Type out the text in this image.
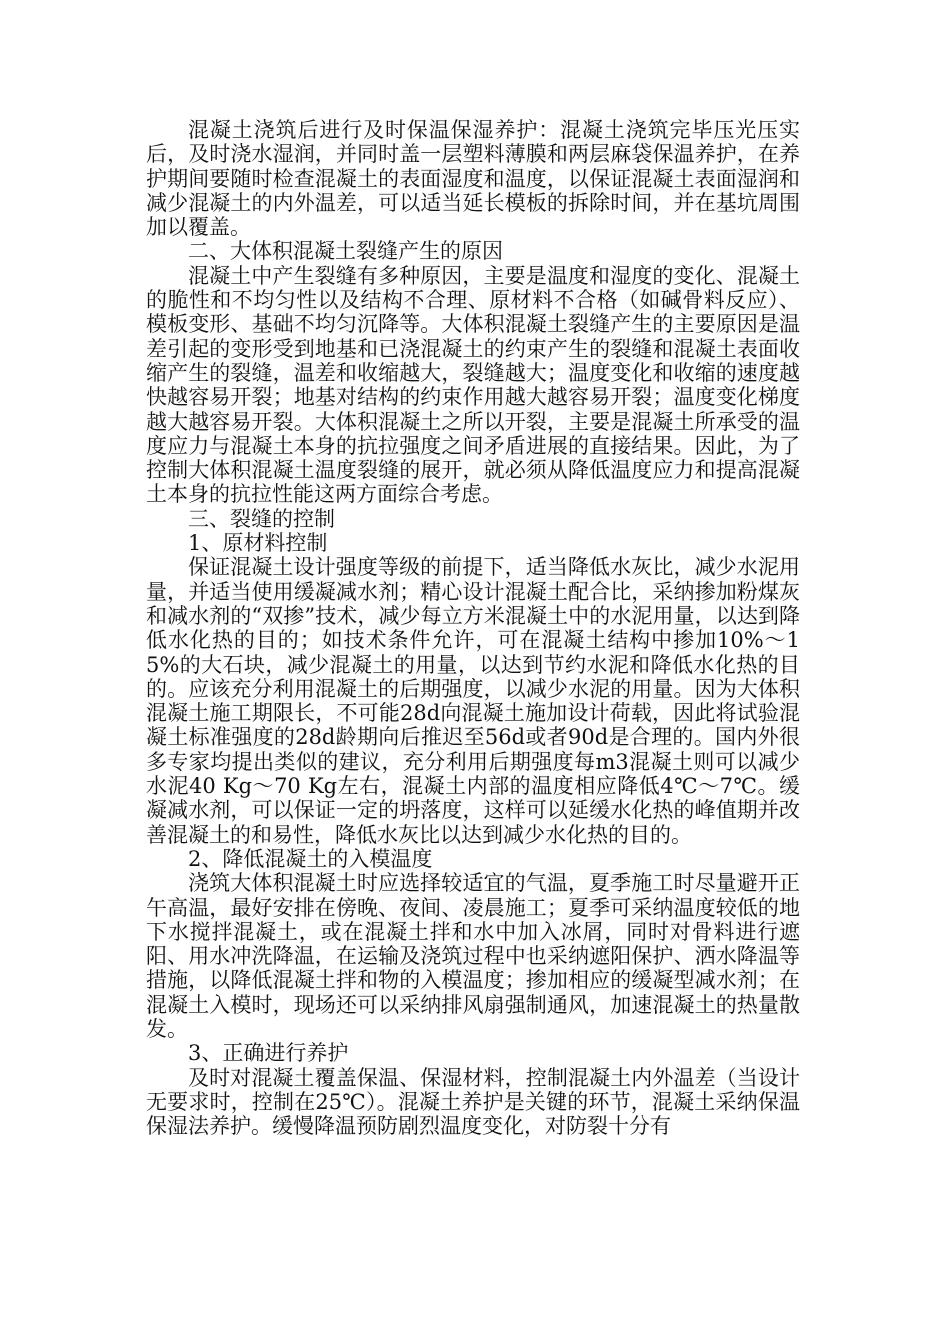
混凝土浇筑后进行及时保温保湿养护：混凝土浇筑完毕压光压实后，及时浇水湿润，并同时盖一层塑料薄膜和两层麻袋保温养护，在养护期间要随时检查混凝土的表面湿度和温度，以保证混凝土表面湿润和减少混凝土的内外温差，可以适当延长模板的拆除时间，并在基坑周围加以覆盖。

二、大体积混凝土裂缝产生的原因

混凝土中产生裂缝有多种原因，主要是温度和湿度的变化、混凝土的脆性和不均匀性以及结构不合理、原材料不合格（如碱骨料反应）、模板变形、基础不均匀沉降等。大体积混凝土裂缝产生的主要原因是温差引起的变形受到地基和已浇混凝土的约束产生的裂缝和混凝土表面收缩产生的裂缝，温差和收缩越大，裂缝越大；温度变化和收缩的速度越快越容易开裂；地基对结构的约束作用越大越容易开裂；温度变化梯度越大越容易开裂。大体积混凝土之所以开裂，主要是混凝土所承受的温度应力与混凝土本身的抗拉强度之间矛盾进展的直接结果。因此，为了控制大体积混凝土温度裂缝的展开，就必须从降低温度应力和提高混凝土本身的抗拉性能这两方面综合考虑。

三、裂缝的控制

1、原材料控制

保证混凝土设计强度等级的前提下，适当降低水灰比，减少水泥用量，并适当使用缓凝减水剂；精心设计混凝土配合比，采纳掺加粉煤灰和减水剂的“双掺”技术，减少每立方米混凝土中的水泥用量，以达到降低水化热的目的；如技术条件允许，可在混凝土结构中掺加10%～15%的大石块，减少混凝土的用量，以达到节约水泥和降低水化热的目的。应该充分利用混凝土的后期强度，以减少水泥的用量。因为大体积混凝土施工期限长，不可能28d向混凝土施加设计荷载，因此将试验混凝土标准强度的28d龄期向后推迟至56d或者90d是合理的。国内外很多专家均提出类似的建议，充分利用后期强度每m3混凝土则可以减少水泥40 Kg～70 Kg左右，混凝土内部的温度相应降低4℃～7℃。缓凝减水剂，可以保证一定的坍落度，这样可以延缓水化热的峰值期并改善混凝土的和易性，降低水灰比以达到减少水化热的目的。

2、降低混凝土的入模温度

浇筑大体积混凝土时应选择较适宜的气温，夏季施工时尽量避开正午高温，最好安排在傍晚、夜间、凌晨施工；夏季可采纳温度较低的地下水搅拌混凝土，或在混凝土拌和水中加入冰屑，同时对骨料进行遮阳、用水冲洗降温，在运输及浇筑过程中也采纳遮阳保护、洒水降温等措施，以降低混凝土拌和物的入模温度；掺加相应的缓凝型减水剂；在混凝土入模时，现场还可以采纳排风扇强制通风，加速混凝土的热量散发。

3、正确进行养护

及时对混凝土覆盖保温、保湿材料，控制混凝土内外温差（当设计无要求时，控制在25℃）。混凝土养护是关键的环节，混凝土采纳保温保湿法养护。缓慢降温预防剧烈温度变化，对防裂十分有
